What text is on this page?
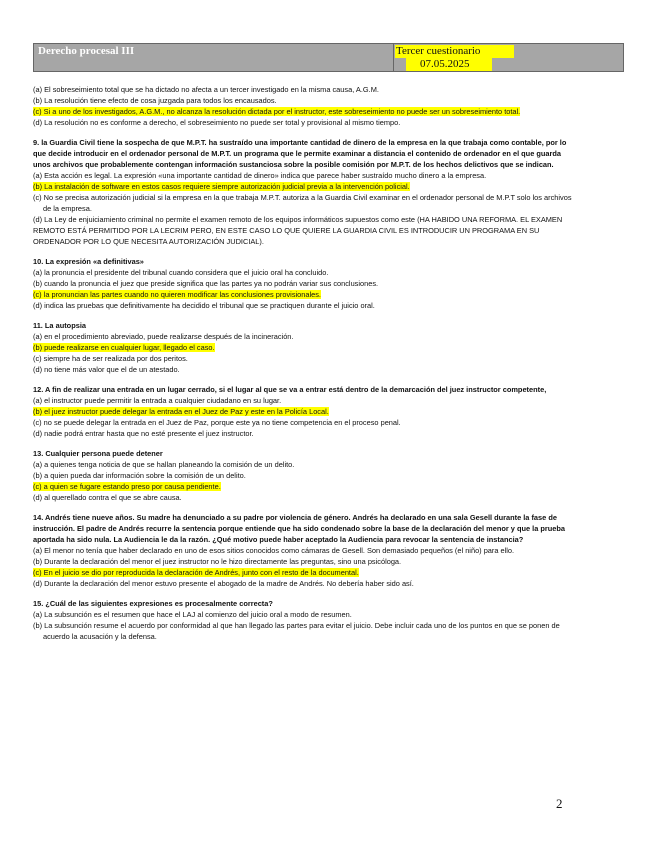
Derecho procesal III	Tercer cuestionario
07.05.2025

(a) El sobreseimiento total que se ha dictado no afecta a un tercer investigado en la misma causa, A.G.M.

(b) La resolución tiene efecto de cosa juzgada para todos los encausados.

(c) Si a uno de los investigados, A.G.M., no alcanza la resolución dictada por el instructor, este sobreseimiento no puede ser un sobreseimiento total.

(d) La resolución no es conforme a derecho, el sobreseimiento no puede ser total y provisional al mismo tiempo.

9. la Guardia Civil tiene la sospecha de que M.P.T. ha sustraído una importante cantidad de dinero de la empresa en la que trabaja como contable, por lo que decide introducir en el ordenador personal de M.P.T. un programa que le permite examinar a distancia el contenido de ordenador en el que guarda unos archivos que probablemente contengan información sustanciosa sobre la posible comisión por M.P.T. de los hechos delictivos que se indican.

(a) Esta acción es legal. La expresión «una importante cantidad de dinero» indica que parece haber sustraído mucho dinero a la empresa.

(b) La instalación de software en estos casos requiere siempre autorización judicial previa a la intervención policial.

(c) No se precisa autorización judicial si la empresa en la que trabaja M.P.T. autoriza a la Guardia Civil examinar en el ordenador personal de M.P.T solo los archivos de la empresa.

(d) La Ley de enjuiciamiento criminal no permite el examen remoto de los equipos informáticos supuestos como este (HA HABIDO UNA REFORMA. EL EXAMEN REMOTO ESTÁ PERMITIDO POR LA LECRIM PERO, EN ESTE CASO LO QUE QUIERE LA GUARDIA CIVIL ES INTRODUCIR UN PROGRAMA EN SU ORDENADOR POR LO QUE NECESITA AUTORIZACIÓN JUDICIAL).

10. La expresión «a definitivas»

(a) la pronuncia el presidente del tribunal cuando considera que el juicio oral ha concluido.

(b) cuando la pronuncia el juez que preside significa que las partes ya no podrán variar sus conclusiones.

(c) la pronuncian las partes cuando no quieren modificar las conclusiones provisionales.

(d) indica las pruebas que definitivamente ha decidido el tribunal que se practiquen durante el juicio oral.

11. La autopsia

(a) en el procedimiento abreviado, puede realizarse después de la incineración.

(b) puede realizarse en cualquier lugar, llegado el caso.

(c) siempre ha de ser realizada por dos peritos.

(d) no tiene más valor que el de un atestado.

12. A fin de realizar una entrada en un lugar cerrado, si el lugar al que se va a entrar está dentro de la demarcación del juez instructor competente,

(a) el instructor puede permitir la entrada a cualquier ciudadano en su lugar.

(b) el juez instructor puede delegar la entrada en el Juez de Paz y este en la Policía Local.

(c) no se puede delegar la entrada en el Juez de Paz, porque este ya no tiene competencia en el proceso penal.

(d) nadie podrá entrar hasta que no esté presente el juez instructor.

13. Cualquier persona puede detener

(a) a quienes tenga noticia de que se hallan planeando la comisión de un delito.

(b) a quien pueda dar información sobre la comisión de un delito.

(c) a quien se fugare estando preso por causa pendiente.

(d) al querellado contra el que se abre causa.

14. Andrés tiene nueve años. Su madre ha denunciado a su padre por violencia de género. Andrés ha declarado en una sala Gesell durante la fase de instrucción. El padre de Andrés recurre la sentencia porque entiende que ha sido condenado sobre la base de la declaración del menor y que la prueba aportada ha sido nula. La Audiencia le da la razón. ¿Qué motivo puede haber aceptado la Audiencia para revocar la sentencia de instancia?

(a) El menor no tenía que haber declarado en uno de esos sitios conocidos como cámaras de Gesell. Son demasiado pequeños (el niño) para ello.

(b) Durante la declaración del menor el juez instructor no le hizo directamente las preguntas, sino una psicóloga.

(c) En el juicio se dio por reproducida la declaración de Andrés, junto con el resto de la documental.

(d) Durante la declaración del menor estuvo presente el abogado de la madre de Andrés. No debería haber sido así.

15. ¿Cuál de las siguientes expresiones es procesalmente correcta?

(a) La subsunción es el resumen que hace el LAJ al comienzo del juicio oral a modo de resumen.

(b) La subsunción resume el acuerdo por conformidad al que han llegado las partes para evitar el juicio. Debe incluir cada uno de los puntos en que se ponen de acuerdo la acusación y la defensa.

2
